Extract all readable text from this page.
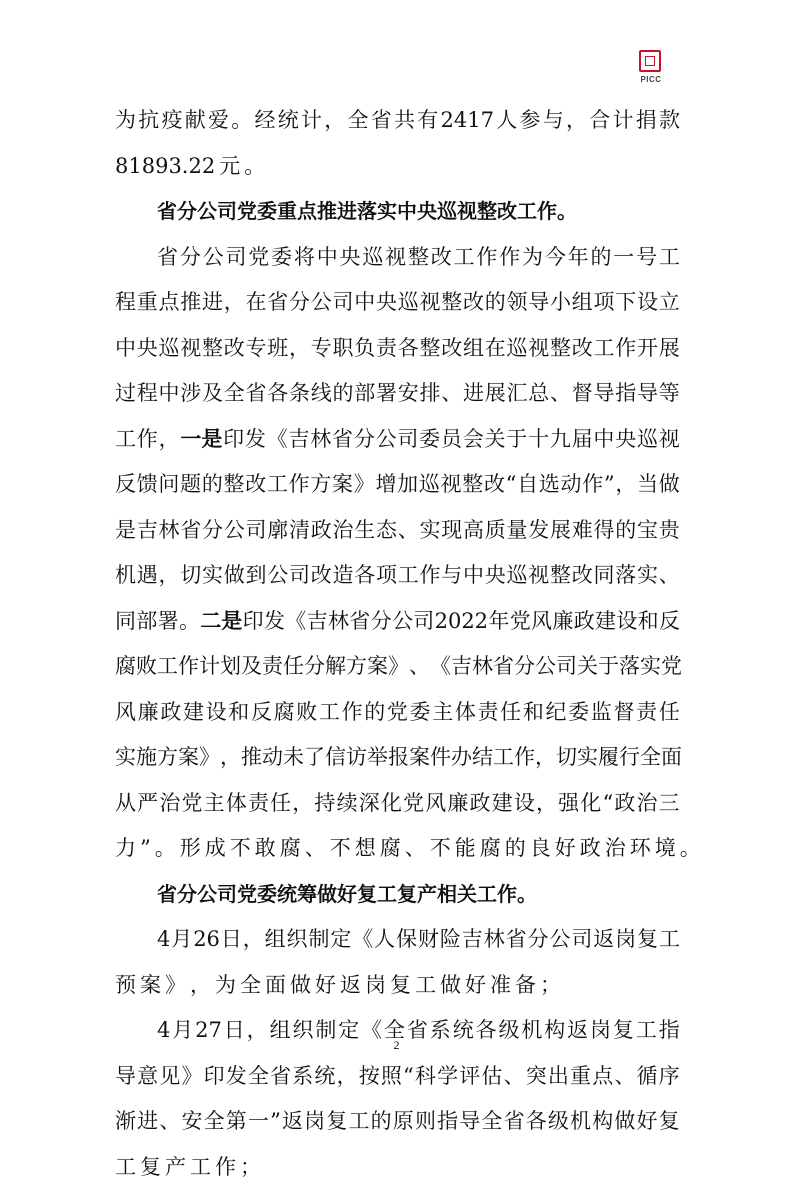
PICC
为 抗 疫 献 爱 。 经 统 计 ， 全 省 共 有 2417 人 参 与 ， 合 计 捐 款
81893.22 元 。
省分公司党委重点推进落实中央巡视整改工作。
省 分 公 司 党 委 将 中 央 巡 视 整 改 工 作 作 为 今 年 的 一 号 工
程 重 点 推 进 ， 在 省 分 公 司 中 央 巡 视 整 改 的 领 导 小 组 项 下 设 立
中 央 巡 视 整 改 专 班 ， 专 职 负 责 各 整 改 组 在 巡 视 整 改 工 作 开 展
过 程 中 涉 及 全 省 各 条 线 的 部 署 安 排 、 进 展 汇 总 、 督 导 指 导 等
工 作 ， 一是 印 发 《 吉 林 省 分 公 司 委 员 会 关 于 十 九 届 中 央 巡 视
反 馈 问 题 的 整 改 工 作 方 案 》 增 加 巡 视 整 改 “ 自 选 动 作 ” ， 当 做
是 吉 林 省 分 公 司 廓 清 政 治 生 态 、 实 现 高 质 量 发 展 难 得 的 宝 贵
机 遇 ， 切 实 做 到 公 司 改 造 各 项 工 作 与 中 央 巡 视 整 改 同 落 实 、
同 部 署 。 二是 印 发 《 吉 林 省 分 公 司 2022 年 党 风 廉 政 建 设 和 反
腐 败 工 作 计 划 及 责 任 分 解 方 案 》 、 《 吉 林 省 分 公 司 关 于 落 实 党
风 廉 政 建 设 和 反 腐 败 工 作 的 党 委 主 体 责 任 和 纪 委 监 督 责 任
实 施 方 案 》 ， 推 动 未 了 信 访 举 报 案 件 办 结 工 作 ， 切 实 履 行 全 面
从 严 治 党 主 体 责 任 ， 持 续 深 化 党 风 廉 政 建 设 ， 强 化 “ 政 治 三
力 ” 。 形 成 不 敢 腐 、 不 想 腐 、 不 能 腐 的 良 好 政 治 环 境 。
省分公司党委统筹做好复工复产相关工作。
4 月 26 日 ， 组 织 制 定 《 人 保 财 险 吉 林 省 分 公 司 返 岗 复 工
预 案 》 ， 为 全 面 做 好 返 岗 复 工 做 好 准 备 ；
4 月 27 日 ， 组 织 制 定 《 全 省 系 统 各 级 机 构 返 岗 复 工 指
导 意 见 》 印 发 全 省 系 统 ， 按 照 “ 科 学 评 估 、 突 出 重 点 、 循 序
渐 进 、 安 全 第 一 ” 返 岗 复 工 的 原 则 指 导 全 省 各 级 机 构 做 好 复
工 复 产 工 作 ；
2
